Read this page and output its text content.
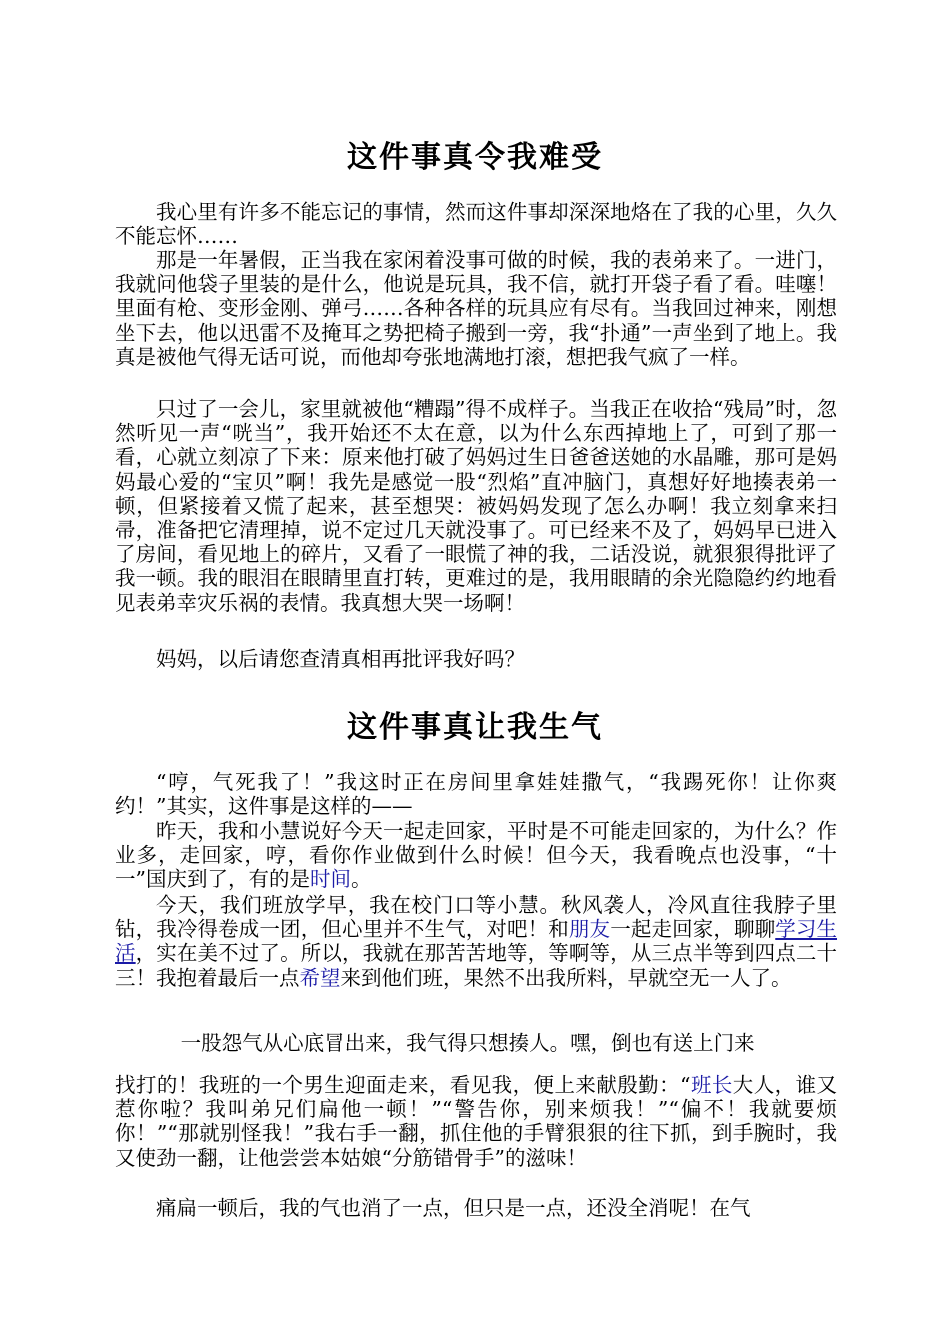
这件事真令我难受

我心里有许多不能忘记的事情，然而这件事却深深地烙在了我的心里，久久不能忘怀……

那是一年暑假，正当我在家闲着没事可做的时候，我的表弟来了。一进门，我就问他袋子里装的是什么，他说是玩具，我不信，就打开袋子看了看。哇噻！里面有枪、变形金刚、弹弓……各种各样的玩具应有尽有。当我回过神来，刚想坐下去，他以迅雷不及掩耳之势把椅子搬到一旁，我“扑通”一声坐到了地上。我真是被他气得无话可说，而他却夸张地满地打滚，想把我气疯了一样。

只过了一会儿，家里就被他“糟蹋”得不成样子。当我正在收拾“残局”时，忽然听见一声“咣当”，我开始还不太在意，以为什么东西掉地上了，可到了那一看，心就立刻凉了下来：原来他打破了妈妈过生日爸爸送她的水晶雕，那可是妈妈最心爱的“宝贝”啊！我先是感觉一股“烈焰”直冲脑门，真想好好地揍表弟一顿，但紧接着又慌了起来，甚至想哭：被妈妈发现了怎么办啊！我立刻拿来扫帚，准备把它清理掉，说不定过几天就没事了。可已经来不及了，妈妈早已进入了房间，看见地上的碎片，又看了一眼慌了神的我，二话没说，就狠狠得批评了我一顿。我的眼泪在眼睛里直打转，更难过的是，我用眼睛的余光隐隐约约地看见表弟幸灾乐祸的表情。我真想大哭一场啊！

妈妈，以后请您查清真相再批评我好吗？

这件事真让我生气

“哼，气死我了！”我这时正在房间里拿娃娃撒气，“我踢死你！让你爽约！”其实，这件事是这样的——

昨天，我和小慧说好今天一起走回家，平时是不可能走回家的，为什么？作业多，走回家，哼，看你作业做到什么时候！但今天，我看晚点也没事，“十一”国庆到了，有的是时间。

今天，我们班放学早，我在校门口等小慧。秋风袭人，冷风直往我脖子里钻，我冷得卷成一团，但心里并不生气，对吧！和朋友一起走回家，聊聊学习生活，实在美不过了。所以，我就在那苦苦地等，等啊等，从三点半等到四点二十三！我抱着最后一点希望来到他们班，果然不出我所料，早就空无一人了。

一股怨气从心底冒出来，我气得只想揍人。嘿，倒也有送上门来

找打的！我班的一个男生迎面走来，看见我，便上来献殷勤：“班长大人，谁又惹你啦？我叫弟兄们扁他一顿！”“警告你，别来烦我！”“偏不！我就要烦你！”“那就别怪我！”我右手一翻，抓住他的手臂狠狠的往下抓，到手腕时，我又使劲一翻，让他尝尝本姑娘“分筋错骨手”的滋味！

痛扁一顿后，我的气也消了一点，但只是一点，还没全消呢！在气
